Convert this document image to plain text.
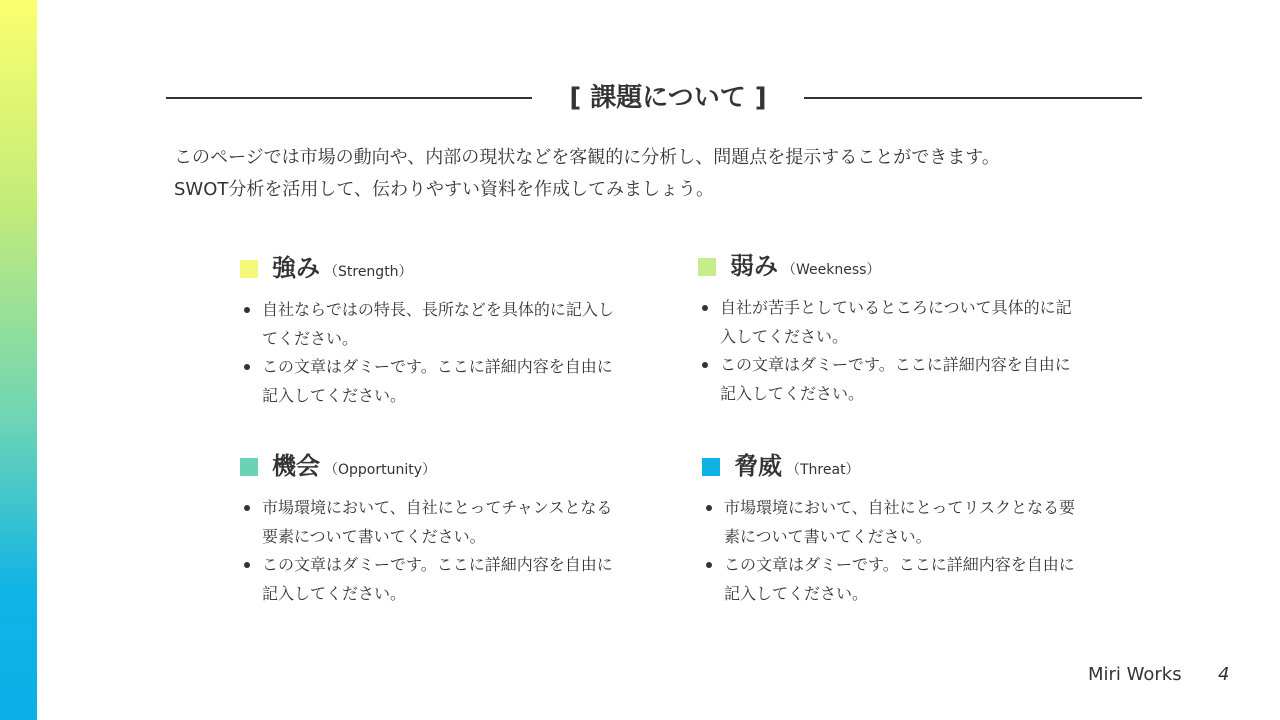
[ 課題について ]
このページでは市場の動向や、内部の現状などを客観的に分析し、問題点を提示することができます。
SWOT分析を活用して、伝わりやすい資料を作成してみましょう。
強み （Strength）
自社ならではの特長、長所などを具体的に記入してください。
この文章はダミーです。ここに詳細内容を自由に記入してください。
弱み （Weekness）
自社が苦手としているところについて具体的に記入してください。
この文章はダミーです。ここに詳細内容を自由に記入してください。
機会 （Opportunity）
市場環境において、自社にとってチャンスとなる要素について書いてください。
この文章はダミーです。ここに詳細内容を自由に記入してください。
脅威 （Threat）
市場環境において、自社にとってリスクとなる要素について書いてください。
この文章はダミーです。ここに詳細内容を自由に記入してください。
Miri Works 4
